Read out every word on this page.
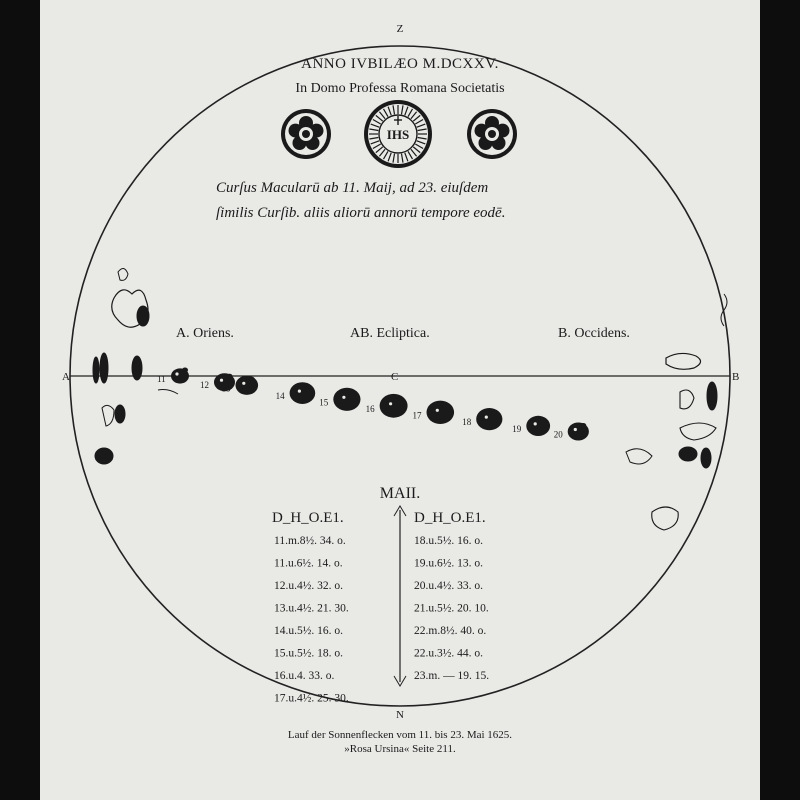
Z
ANNO IVBILÆO M.DCXXV.
In Domo Professa Romana Societatis
IHS
Curſus Macularū ab 11. Maij, ad 23. eiuſdem
ſimilis Curſib. aliis aliorū annorū tempore eodē.
A. Oriens.	AB. Ecliptica.	B. Occidens.
A	B
C
N
11
12 13
14
15
16
17
18
19
20
MAII.
D_H_O.E1.	D_H_O.E1.
11.m.8½. 34. o.
11.u.6½. 14. o.
12.u.4½. 32. o.
13.u.4½. 21. 30.
14.u.5½. 16. o.
15.u.5½. 18. o.
16.u.4. 33. o.
17.u.4½. 25. 30.
18.u.5½. 16. o.
19.u.6½. 13. o.
20.u.4½. 33. o.
21.u.5½. 20. 10.
22.m.8½. 40. o.
22.u.3½. 44. o.
23.m. — 19. 15.
Lauf der Sonnenflecken vom 11. bis 23. Mai 1625.
»Rosa Ursina« Seite 211.
